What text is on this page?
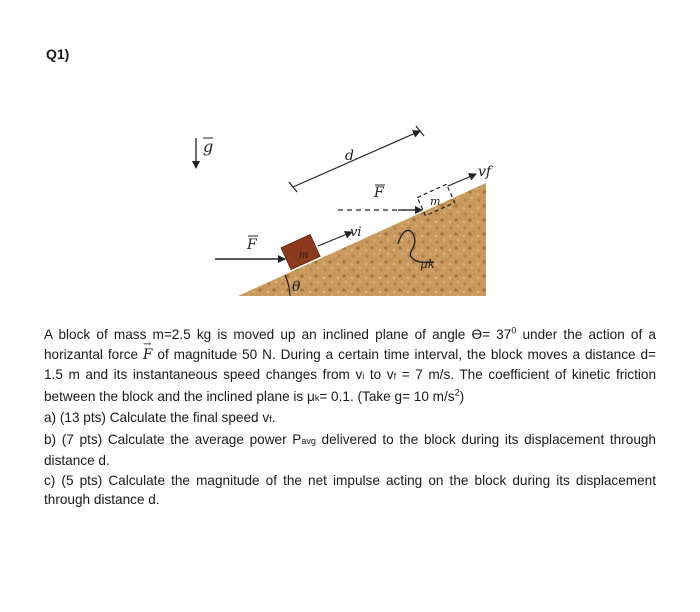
Q1)
θ
g	d
F
m
vf
vi
μk
m
F

A block of mass m=2.5 kg is moved up an inclined plane of angle $ϴ= 37^0$ under the action of a horizantal force → F of magnitude 50 N. During a certain time interval, the block moves a distance d= 1.5 m and its instantaneous speed changes from vi to vf = 7 m/s. The coefficient of kinetic friction between the block and the inclined plane is μk= 0.1. (Take g= 10 $m/s^2$)

a) (13 pts) Calculate the final speed vf.

b) (7 pts) Calculate the average power Pavg delivered to the block during its displacement through distance d.

c) (5 pts) Calculate the magnitude of the net impulse acting on the block during its displacement through distance d.
